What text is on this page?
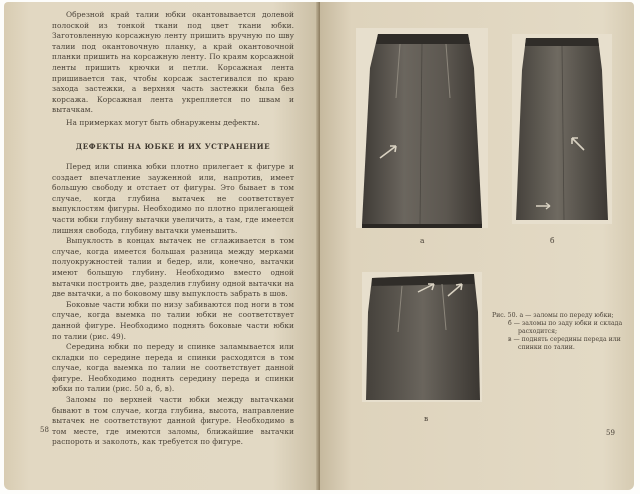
Обрезной край талии юбки окантовывается долевой полоской из тонкой ткани под цвет ткани юбки. Заготовленную корсажную ленту пришить вручную по шву талии под окантовочную планку, а край окантовочной планки пришить на корсажную ленту. По краям корсажной ленты пришить крючки и петли. Корсажная лента пришивается так, чтобы корсаж застегивался по краю захода застежки, а верхняя часть застежки была без корсажа. Корсажная лента укрепляется по швам и вытачкам.

На примерках могут быть обнаружены дефекты.

ДЕФЕКТЫ НА ЮБКЕ И ИХ УСТРАНЕНИЕ

Перед или спинка юбки плотно прилегает к фигуре и создает впечатление зауженной или, напротив, имеет большую свободу и отстает от фигуры. Это бывает в том случае, когда глубина вытачек не соответствует выпуклостям фигуры. Необходимо по плотно прилегающей части юбки глубину вытачки увеличить, а там, где имеется лишняя свобода, глубину вытачки уменьшить.

Выпуклость в концах вытачек не сглаживается в том случае, когда имеется большая разница между мерками полуокружностей талии и бедер, или, конечно, вытачки имеют большую глубину. Необходимо вместо одной вытачки построить две, разделив глубину одной вытачки на две вытачки, а по боковому шву выпуклость забрать в шов.

Боковые части юбки по низу забиваются под ноги в том случае, когда выемка по талии юбки не соответствует данной фигуре. Необходимо поднять боковые части юбки по талии (рис. 49).

Середина юбки по переду и спинке заламывается или складки по середине переда и спинки расходятся в том случае, когда выемка по талии не соответствует данной фигуре. Необходимо поднять середину переда и спинки юбки по талии (рис. 50 а, б, в).

Заломы по верхней части юбки между вытачками бывают в том случае, когда глубина, высота, направление вытачек не соответствуют данной фигуре. Необходимо в том месте, где имеются заломы, ближайшие вытачки распороть и заколоть, как требуется по фигуре.

58
а	б
в
Рис. 50. а — заломы по переду юбки;
б — заломы по заду юбки и склада расходится;
в — поднять середины переда или спинки по талии.
59
